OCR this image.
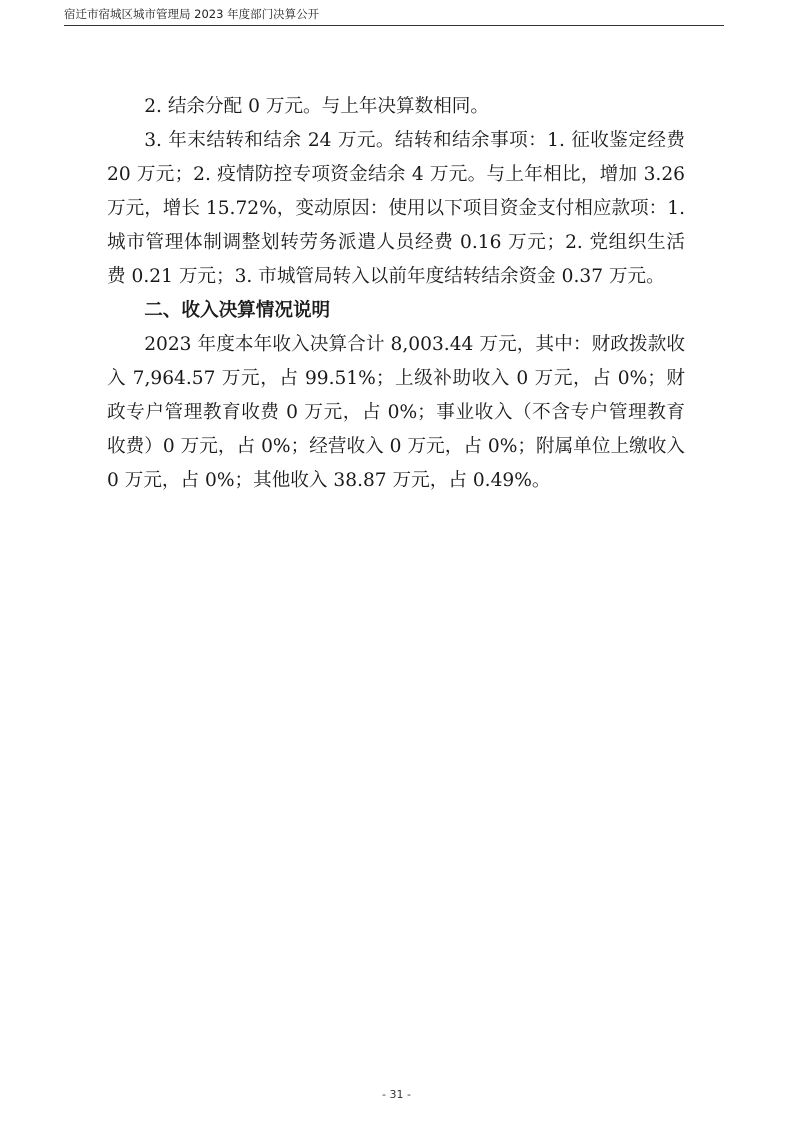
宿迁市宿城区城市管理局 2023 年度部门决算公开

2. 结余分配 0 万元。与上年决算数相同。

3. 年末结转和结余 24 万元。结转和结余事项：1. 征收鉴定经费 20 万元；2. 疫情防控专项资金结余 4 万元。与上年相比，增加 3.26 万元，增长 15.72%，变动原因：使用以下项目资金支付相应款项：1. 城市管理体制调整划转劳务派遣人员经费 0.16 万元；2. 党组织生活费 0.21 万元；3. 市城管局转入以前年度结转结余资金 0.37 万元。

二、收入决算情况说明

2023 年度本年收入决算合计 8,003.44 万元，其中：财政拨款收入 7,964.57 万元，占 99.51%；上级补助收入 0 万元，占 0%；财政专户管理教育收费 0 万元，占 0%；事业收入（不含专户管理教育收费）0 万元，占 0%；经营收入 0 万元，占 0%；附属单位上缴收入 0 万元，占 0%；其他收入 38.87 万元，占 0.49%。

- 31 -
